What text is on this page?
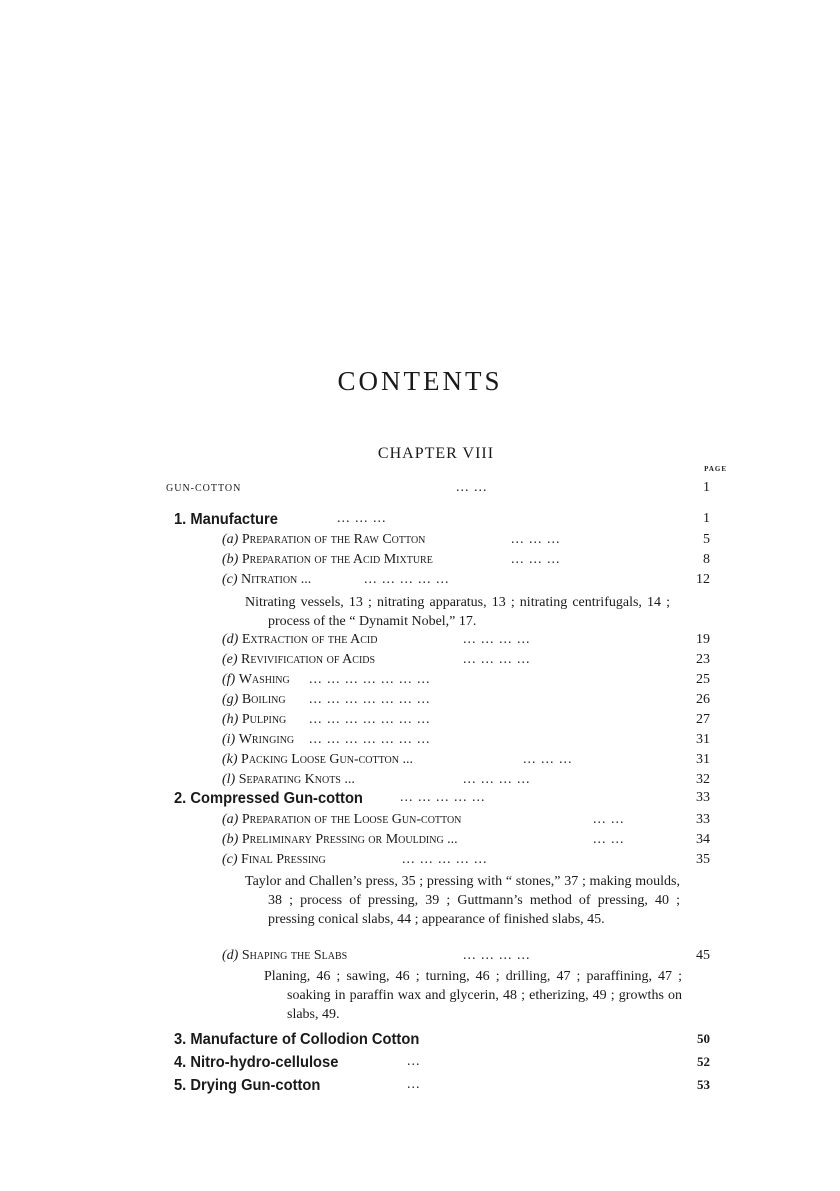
CONTENTS
CHAPTER VIII
PAGE
GUN-COTTON	... ...	1
1. Manufacture	... ... ...	1
(a) Preparation of the Raw Cotton	... ... ...	5
(b) Preparation of the Acid Mixture	... ... ...	8
(c) Nitration ...	... ... ... ... ...	12

Nitrating vessels, 13 ; nitrating apparatus, 13 ; nitrating centrifugals, 14 ; process of the “ Dynamit Nobel,” 17.

(d) Extraction of the Acid	... ... ... ...	19
(e) Revivification of Acids	... ... ... ...	23
(f) Washing ... ... ... ... ... ... ...	25
(g) Boiling ... ... ... ... ... ... ...	26
(h) Pulping ... ... ... ... ... ... ...	27
(i) Wringing ... ... ... ... ... ... ...	31
(k) Packing Loose Gun-cotton ...	... ... ...	31
(l) Separating Knots ...	... ... ... ...	32
2. Compressed Gun-cotton	... ... ... ... ...	33
(a) Preparation of the Loose Gun-cotton	... ...	33
(b) Preliminary Pressing or Moulding ...	... ...	34
(c) Final Pressing	... ... ... ... ...	35

Taylor and Challen’s press, 35 ; pressing with “ stones,” 37 ; making moulds, 38 ; process of pressing, 39 ; Guttmann’s method of pressing, 40 ; pressing conical slabs, 44 ; appearance of finished slabs, 45.

(d) Shaping the Slabs	... ... ... ...	45

Planing, 46 ; sawing, 46 ; turning, 46 ; drilling, 47 ; paraffining, 47 ; soaking in paraffin wax and glycerin, 48 ; etherizing, 49 ; growths on slabs, 49.

3. Manufacture of Collodion Cotton	50
4. Nitro-hydro-cellulose	...	52
5. Drying Gun-cotton	...	53
